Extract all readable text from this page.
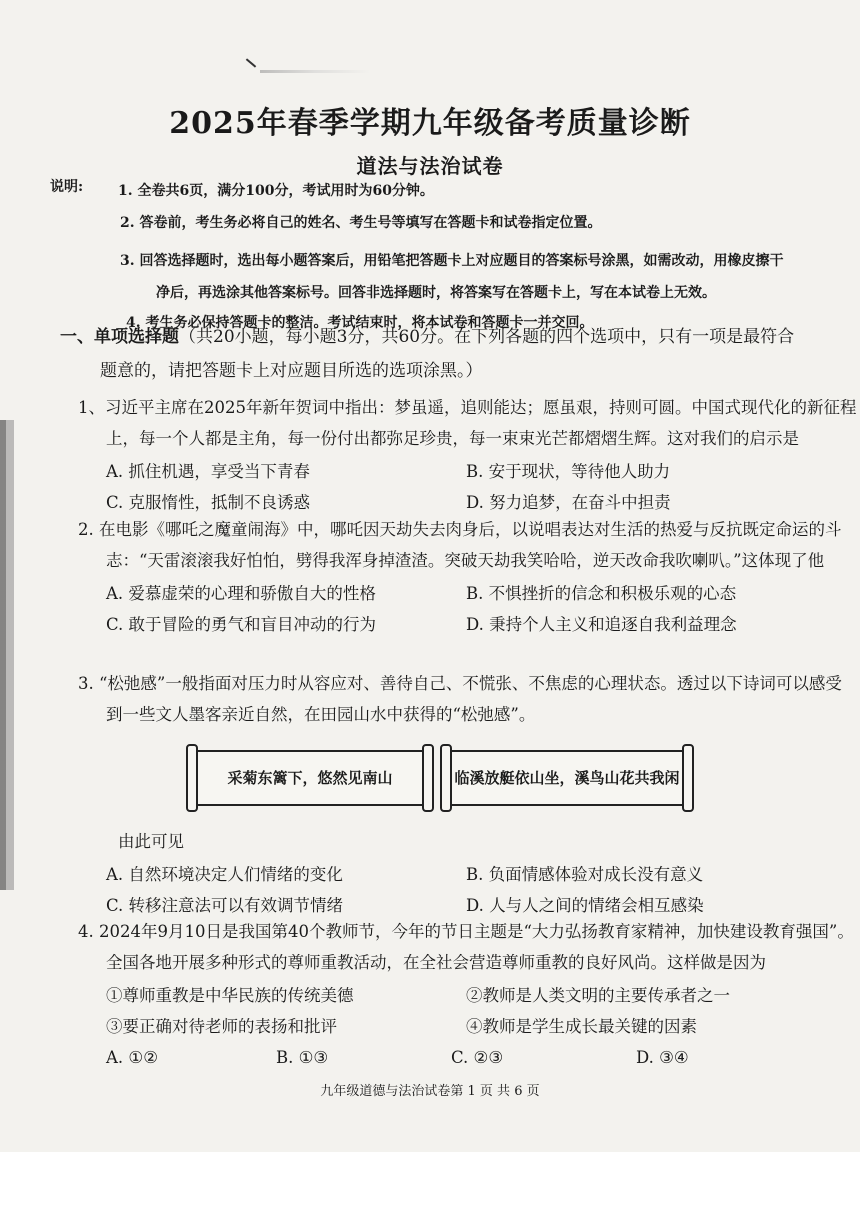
2025年春季学期九年级备考质量诊断
道法与法治试卷
说明: 1. 全卷共6页，满分100分，考试用时为60分钟。
2. 答卷前，考生务必将自己的姓名、考生号等填写在答题卡和试卷指定位置。
3. 回答选择题时，选出每小题答案后，用铅笔把答题卡上对应题目的答案标号涂黑，如需改动，用橡皮擦干
净后，再选涂其他答案标号。回答非选择题时，将答案写在答题卡上，写在本试卷上无效。
4. 考生务必保持答题卡的整洁。考试结束时，将本试卷和答题卡一并交回。
一、单项选择题（共20小题，每小题3分，共60分。在下列各题的四个选项中，只有一项是最符合
题意的，请把答题卡上对应题目所选的选项涂黑。）
1、习近平主席在2025年新年贺词中指出：梦虽遥，追则能达；愿虽艰，持则可圆。中国式现代化的新征程上，每一个人都是主角，每一份付出都弥足珍贵，每一束束光芒都熠熠生辉。这对我们的启示是
A. 抓住机遇，享受当下青春	B. 安于现状，等待他人助力
C. 克服惰性，抵制不良诱惑	D. 努力追梦，在奋斗中担责
2. 在电影《哪吒之魔童闹海》中，哪吒因天劫失去肉身后，以说唱表达对生活的热爱与反抗既定命运的斗志：“天雷滚滚我好怕怕，劈得我浑身掉渣渣。突破天劫我笑哈哈，逆天改命我吹喇叭。”这体现了他
A. 爱慕虚荣的心理和骄傲自大的性格	B. 不惧挫折的信念和积极乐观的心态
C. 敢于冒险的勇气和盲目冲动的行为	D. 秉持个人主义和追逐自我利益理念
3. “松弛感”一般指面对压力时从容应对、善待自己、不慌张、不焦虑的心理状态。透过以下诗词可以感受到一些文人墨客亲近自然，在田园山水中获得的“松弛感”。
采菊东篱下，悠然见南山	临溪放艇依山坐，溪鸟山花共我闲
由此可见
A. 自然环境决定人们情绪的变化	B. 负面情感体验对成长没有意义
C. 转移注意法可以有效调节情绪	D. 人与人之间的情绪会相互感染
4. 2024年9月10日是我国第40个教师节，今年的节日主题是“大力弘扬教育家精神，加快建设教育强国”。全国各地开展多种形式的尊师重教活动，在全社会营造尊师重教的良好风尚。这样做是因为
①尊师重教是中华民族的传统美德	②教师是人类文明的主要传承者之一
③要正确对待老师的表扬和批评	④教师是学生成长最关键的因素
A. ①②	B. ①③	C. ②③	D. ③④
九年级道德与法治试卷第 1 页 共 6 页
